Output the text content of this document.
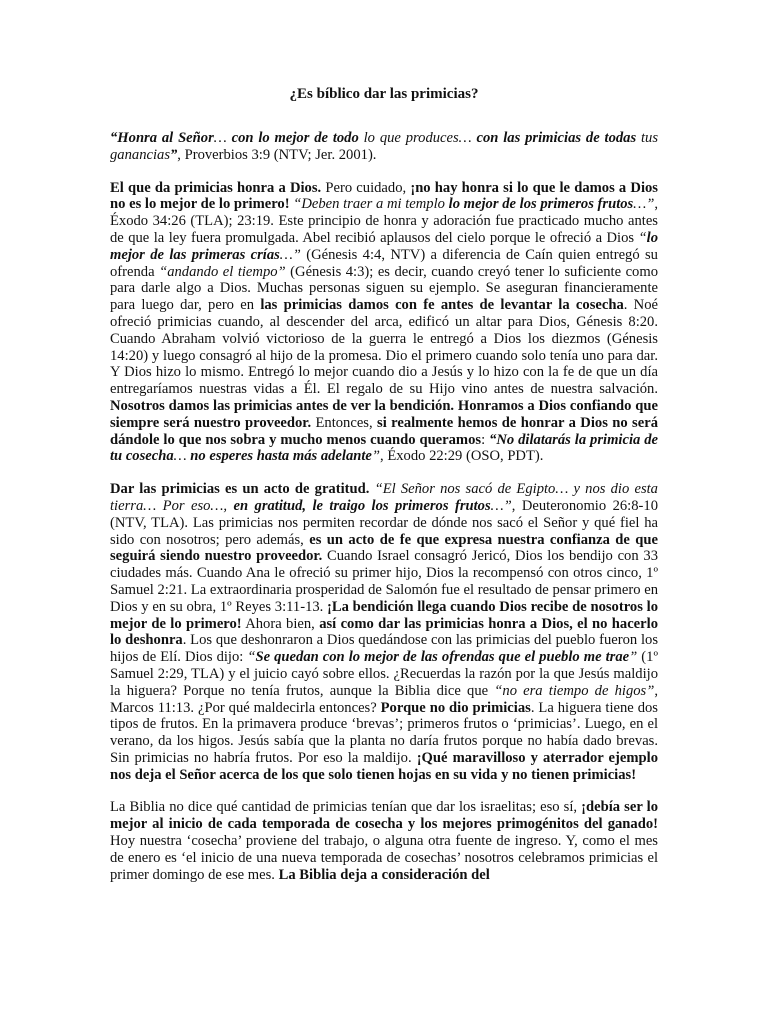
¿Es bíblico dar las primicias?

“Honra al Señor… con lo mejor de todo lo que produces… con las primicias de todas tus ganancias”, Proverbios 3:9 (NTV; Jer. 2001).

El que da primicias honra a Dios. Pero cuidado, ¡no hay honra si lo que le damos a Dios no es lo mejor de lo primero! “Deben traer a mi templo lo mejor de los primeros frutos…”, Éxodo 34:26 (TLA); 23:19. Este principio de honra y adoración fue practicado mucho antes de que la ley fuera promulgada. Abel recibió aplausos del cielo porque le ofreció a Dios “lo mejor de las primeras crías…” (Génesis 4:4, NTV) a diferencia de Caín quien entregó su ofrenda “andando el tiempo” (Génesis 4:3); es decir, cuando creyó tener lo suficiente como para darle algo a Dios. Muchas personas siguen su ejemplo. Se aseguran financieramente para luego dar, pero en las primicias damos con fe antes de levantar la cosecha. Noé ofreció primicias cuando, al descender del arca, edificó un altar para Dios, Génesis 8:20. Cuando Abraham volvió victorioso de la guerra le entregó a Dios los diezmos (Génesis 14:20) y luego consagró al hijo de la promesa. Dio el primero cuando solo tenía uno para dar. Y Dios hizo lo mismo. Entregó lo mejor cuando dio a Jesús y lo hizo con la fe de que un día entregaríamos nuestras vidas a Él. El regalo de su Hijo vino antes de nuestra salvación. Nosotros damos las primicias antes de ver la bendición. Honramos a Dios confiando que siempre será nuestro proveedor. Entonces, si realmente hemos de honrar a Dios no será dándole lo que nos sobra y mucho menos cuando queramos: “No dilatarás la primicia de tu cosecha… no esperes hasta más adelante”, Éxodo 22:29 (OSO, PDT).

Dar las primicias es un acto de gratitud. “El Señor nos sacó de Egipto… y nos dio esta tierra… Por eso…, en gratitud, le traigo los primeros frutos…”, Deuteronomio 26:8-10 (NTV, TLA). Las primicias nos permiten recordar de dónde nos sacó el Señor y qué fiel ha sido con nosotros; pero además, es un acto de fe que expresa nuestra confianza de que seguirá siendo nuestro proveedor. Cuando Israel consagró Jericó, Dios los bendijo con 33 ciudades más. Cuando Ana le ofreció su primer hijo, Dios la recompensó con otros cinco, 1º Samuel 2:21. La extraordinaria prosperidad de Salomón fue el resultado de pensar primero en Dios y en su obra, 1º Reyes 3:11-13. ¡La bendición llega cuando Dios recibe de nosotros lo mejor de lo primero! Ahora bien, así como dar las primicias honra a Dios, el no hacerlo lo deshonra. Los que deshonraron a Dios quedándose con las primicias del pueblo fueron los hijos de Elí. Dios dijo: “Se quedan con lo mejor de las ofrendas que el pueblo me trae” (1º Samuel 2:29, TLA) y el juicio cayó sobre ellos. ¿Recuerdas la razón por la que Jesús maldijo la higuera? Porque no tenía frutos, aunque la Biblia dice que “no era tiempo de higos”, Marcos 11:13. ¿Por qué maldecirla entonces? Porque no dio primicias. La higuera tiene dos tipos de frutos. En la primavera produce ‘brevas’; primeros frutos o ‘primicias’. Luego, en el verano, da los higos. Jesús sabía que la planta no daría frutos porque no había dado brevas. Sin primicias no habría frutos. Por eso la maldijo. ¡Qué maravilloso y aterrador ejemplo nos deja el Señor acerca de los que solo tienen hojas en su vida y no tienen primicias!

La Biblia no dice qué cantidad de primicias tenían que dar los israelitas; eso sí, ¡debía ser lo mejor al inicio de cada temporada de cosecha y los mejores primogénitos del ganado! Hoy nuestra ‘cosecha’ proviene del trabajo, o alguna otra fuente de ingreso. Y, como el mes de enero es ‘el inicio de una nueva temporada de cosechas’ nosotros celebramos primicias el primer domingo de ese mes. La Biblia deja a consideración del
